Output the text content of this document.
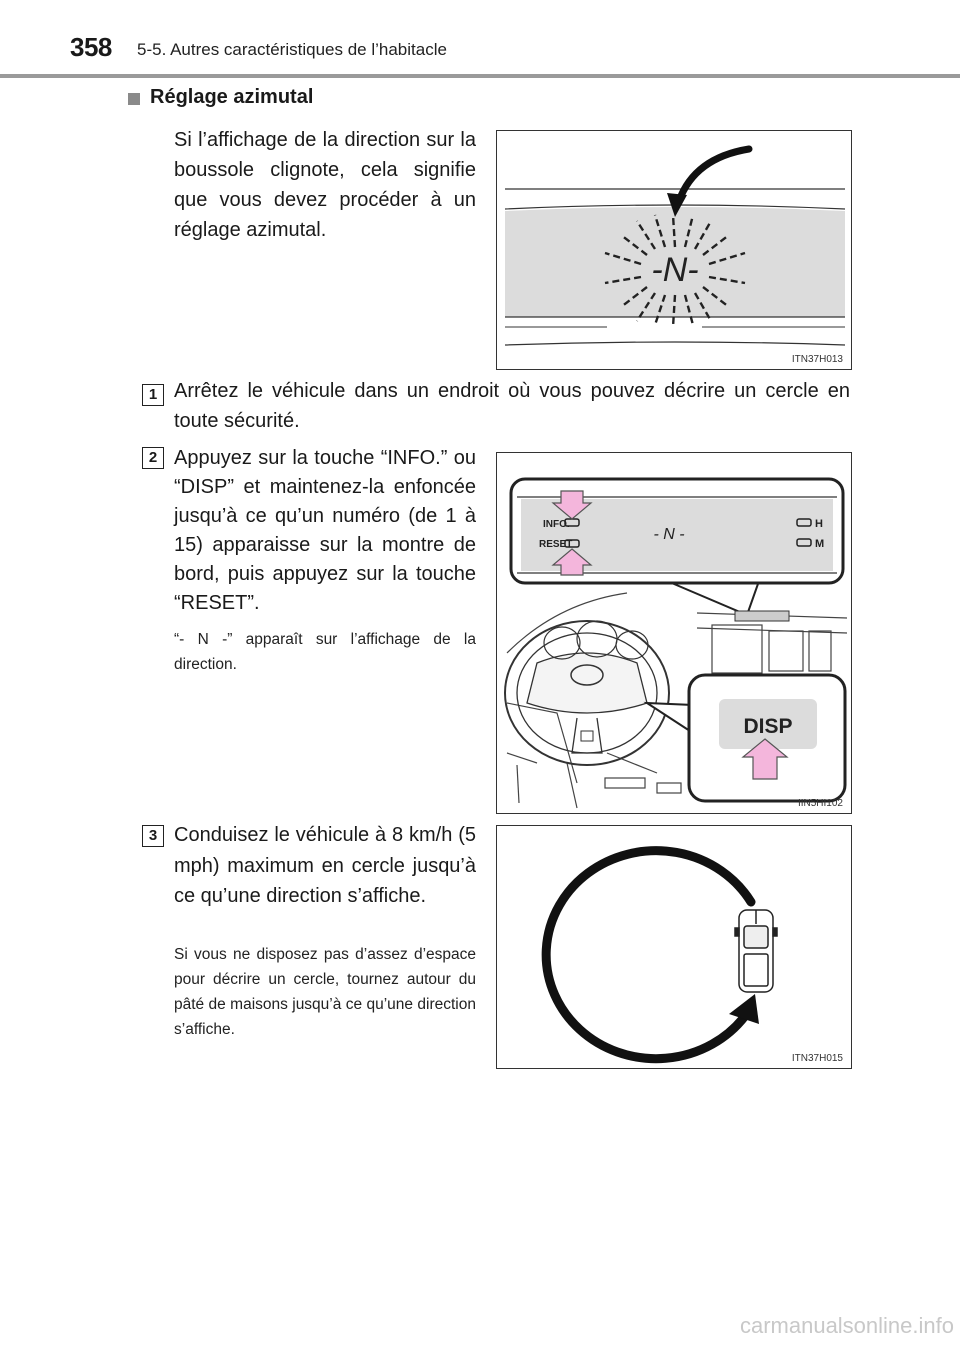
358 5-5. Autres caractéristiques de l’habitacle
Réglage azimutal
Si l’affichage de la direction sur la boussole clignote, cela signifie que vous devez procéder à un réglage azimutal.
-N-
ITN37H013
1 Arrêtez le véhicule dans un endroit où vous pouvez décrire un cercle en toute sécurité.
2 Appuyez sur la touche “INFO.” ou “DISP” et maintenez-la enfoncée jusqu’à ce qu’un numéro (de 1 à 15) apparaisse sur la montre de bord, puis appuyez sur la touche “RESET”.
“- N -” apparaît sur l’affichage de la direction.
INFO.
RESET
H
M
- N -
DISP
IIN5HI102
3 Conduisez le véhicule à 8 km/h (5 mph) maximum en cercle jusqu’à ce qu’une direction s’affiche.
Si vous ne disposez pas d’assez d’espace pour décrire un cercle, tournez autour du pâté de maisons jusqu’à ce qu’une direction s’affiche.
ITN37H015
carmanualsonline.info
